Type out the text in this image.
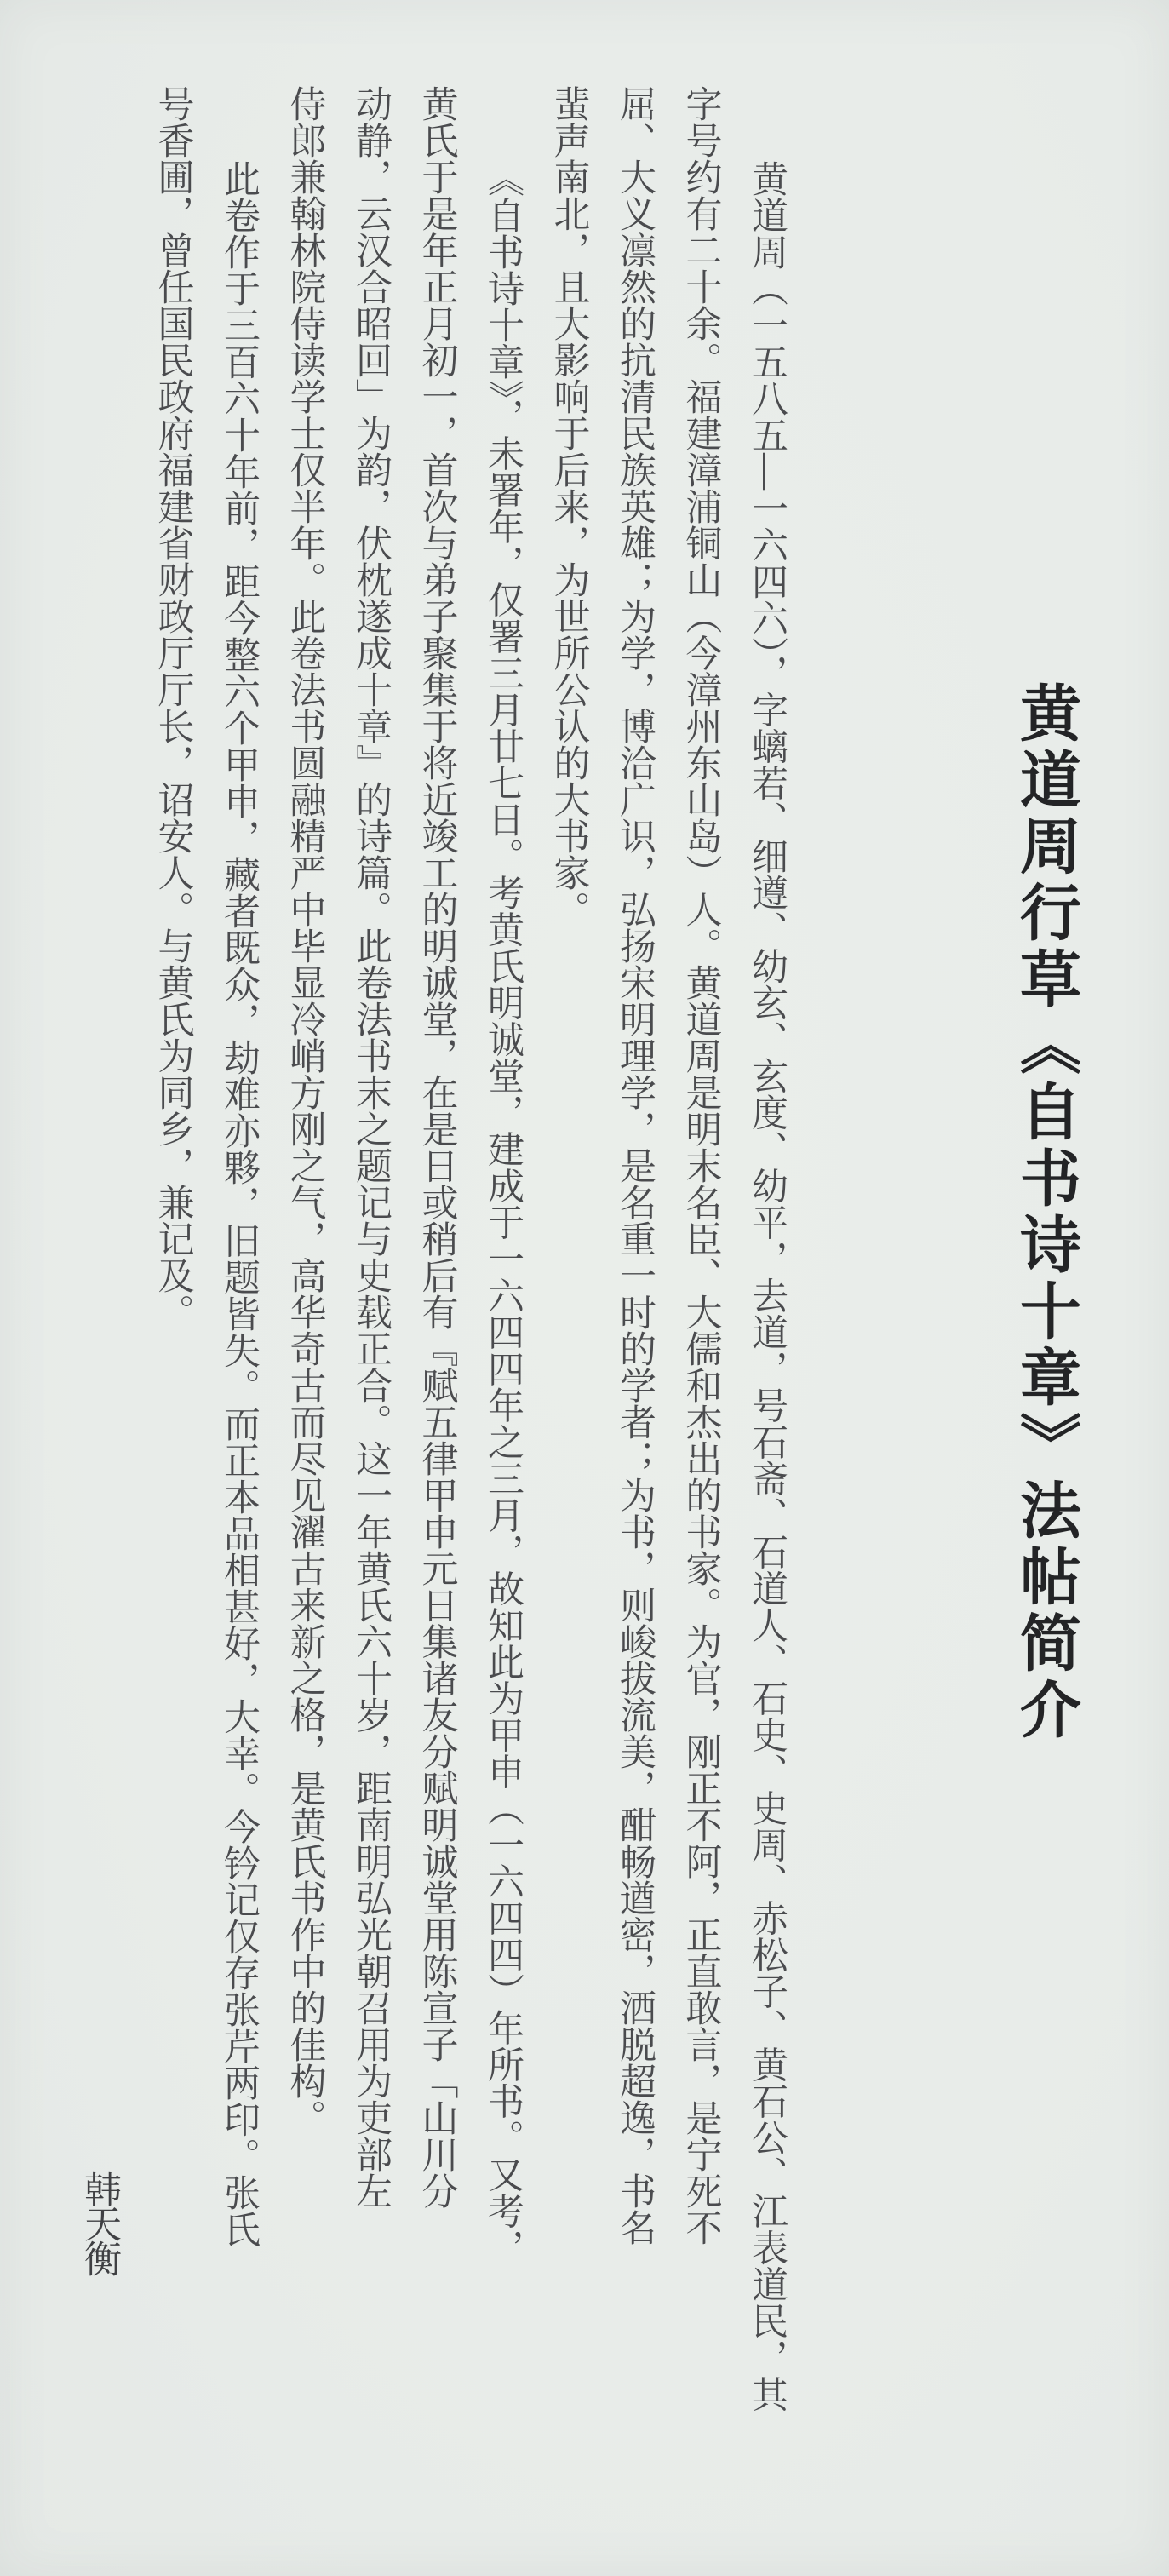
黄道周行草《自书诗十章》法帖简介
黄道周（一五八五—一六四六），字螭若、细遵、幼玄、玄度、幼平，去道，号石斋、石道人、石史、史周、赤松子、黄石公、江表道民，其
字号约有二十余。福建漳浦铜山（今漳州东山岛）人。黄道周是明末名臣、大儒和杰出的书家。为官，刚正不阿，正直敢言，是宁死不
屈、大义凛然的抗清民族英雄；为学，博洽广识，弘扬宋明理学，是名重一时的学者；为书，则峻拔流美，酣畅遒密，洒脱超逸，书名
蜚声南北，且大影响于后来，为世所公认的大书家。
《自书诗十章》，未署年，仅署三月廿七日。考黄氏明诚堂，建成于一六四四年之三月，故知此为甲申（一六四四）年所书。又考，
黄氏于是年正月初一，首次与弟子聚集于将近竣工的明诚堂，在是日或稍后有『赋五律甲申元日集诸友分赋明诚堂用陈宣子「山川分
动静，云汉合昭回」为韵，伏枕遂成十章』的诗篇。此卷法书末之题记与史载正合。这一年黄氏六十岁，距南明弘光朝召用为吏部左
侍郎兼翰林院侍读学士仅半年。此卷法书圆融精严中毕显冷峭方刚之气，高华奇古而尽见濯古来新之格，是黄氏书作中的佳构。
此卷作于三百六十年前，距今整六个甲申，藏者既众，劫难亦夥，旧题皆失。而正本品相甚好，大幸。今钤记仅存张芹两印。张氏
号香圃，曾任国民政府福建省财政厅厅长，诏安人。与黄氏为同乡，兼记及。
韩天衡
